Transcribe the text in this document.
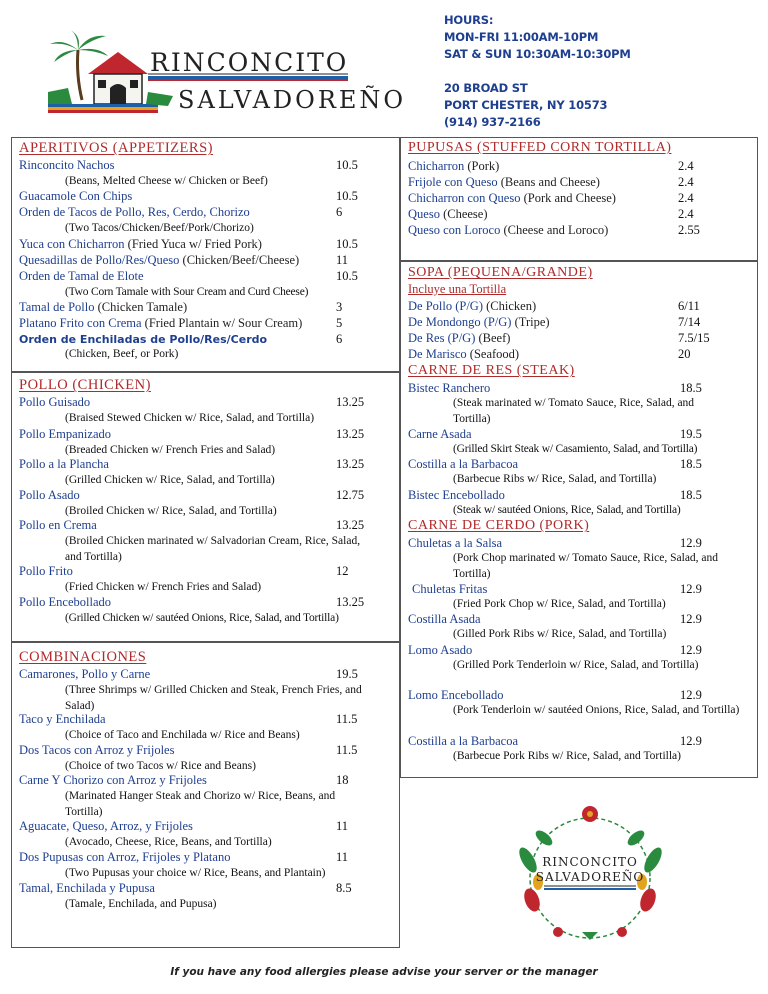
RINCONCITO
SALVADOREÑO
HOURS:
MON-FRI 11:00AM-10PM
SAT & SUN 10:30AM-10:30PM
20 BROAD ST
PORT CHESTER, NY 10573
(914) 937-2166
APERITIVOS (APPETIZERS)
Rinconcito Nachos	10.5
(Beans, Melted Cheese w/ Chicken or Beef)
Guacamole Con Chips	10.5
Orden de Tacos de Pollo, Res, Cerdo, Chorizo	6
(Two Tacos/Chicken/Beef/Pork/Chorizo)
Yuca con Chicharron (Fried Yuca w/ Fried Pork)	10.5
Quesadillas de Pollo/Res/Queso (Chicken/Beef/Cheese)	11
Orden de Tamal de Elote	10.5
(Two Corn Tamale with Sour Cream and Curd Cheese)
Tamal de Pollo (Chicken Tamale)	3
Platano Frito con Crema (Fried Plantain w/ Sour Cream)	5
Orden de Enchiladas de Pollo/Res/Cerdo	6
(Chicken, Beef, or Pork)
POLLO (CHICKEN)
Pollo Guisado	13.25
(Braised Stewed Chicken w/ Rice, Salad, and Tortilla)
Pollo Empanizado	13.25
(Breaded Chicken w/ French Fries and Salad)
Pollo a la Plancha	13.25
(Grilled Chicken w/ Rice, Salad, and Tortilla)
Pollo Asado	12.75
(Broiled Chicken w/ Rice, Salad, and Tortilla)
Pollo en Crema	13.25
(Broiled Chicken marinated w/ Salvadorian Cream, Rice, Salad, and Tortilla)
Pollo Frito	12
(Fried Chicken w/ French Fries and Salad)
Pollo Encebollado	13.25
(Grilled Chicken w/ sautéed Onions, Rice, Salad, and Tortilla)
COMBINACIONES
Camarones, Pollo y Carne	19.5
(Three Shrimps w/ Grilled Chicken and Steak, French Fries, and Salad)
Taco y Enchilada	11.5
(Choice of Taco and Enchilada w/ Rice and Beans)
Dos Tacos con Arroz y Frijoles	11.5
(Choice of two Tacos w/ Rice and Beans)
Carne Y Chorizo con Arroz y Frijoles	18
(Marinated Hanger Steak and Chorizo w/ Rice, Beans, and Tortilla)
Aguacate, Queso, Arroz, y Frijoles	11
(Avocado, Cheese, Rice, Beans, and Tortilla)
Dos Pupusas con Arroz, Frijoles y Platano	11
(Two Pupusas your choice w/ Rice, Beans, and Plantain)
Tamal, Enchilada y Pupusa	8.5
(Tamale, Enchilada, and Pupusa)
PUPUSAS (STUFFED CORN TORTILLA)
Chicharron (Pork)	2.4
Frijole con Queso (Beans and Cheese)	2.4
Chicharron con Queso (Pork and Cheese)	2.4
Queso (Cheese)	2.4
Queso con Loroco (Cheese and Loroco)	2.55
SOPA (PEQUENA/GRANDE)
Incluye una Tortilla
De Pollo (P/G) (Chicken)	6/11
De Mondongo (P/G) (Tripe)	7/14
De Res (P/G) (Beef)	7.5/15
De Marisco (Seafood)	20
CARNE DE RES (STEAK)
Bistec Ranchero	18.5
(Steak marinated w/ Tomato Sauce, Rice, Salad, and Tortilla)
Carne Asada	19.5
(Grilled Skirt Steak w/ Casamiento, Salad, and Tortilla)
Costilla a la Barbacoa	18.5
(Barbecue Ribs w/ Rice, Salad, and Tortilla)
Bistec Encebollado	18.5
(Steak w/ sautéed Onions, Rice, Salad, and Tortilla)
CARNE DE CERDO (PORK)
Chuletas a la Salsa	12.9
(Pork Chop marinated w/ Tomato Sauce, Rice, Salad, and Tortilla)
Chuletas Fritas	12.9
(Fried Pork Chop w/ Rice, Salad, and Tortilla)
Costilla Asada	12.9
(Gilled Pork Ribs w/ Rice, Salad, and Tortilla)
Lomo Asado	12.9
(Grilled Pork Tenderloin w/ Rice, Salad, and Tortilla)
Lomo Encebollado	12.9
(Pork Tenderloin w/ sautéed Onions, Rice, Salad, and Tortilla)
Costilla a la Barbacoa	12.9
(Barbecue Pork Ribs w/ Rice, Salad, and Tortilla)
RINCONCITO
SALVADOREÑO
If you have any food allergies please advise your server or the manager
